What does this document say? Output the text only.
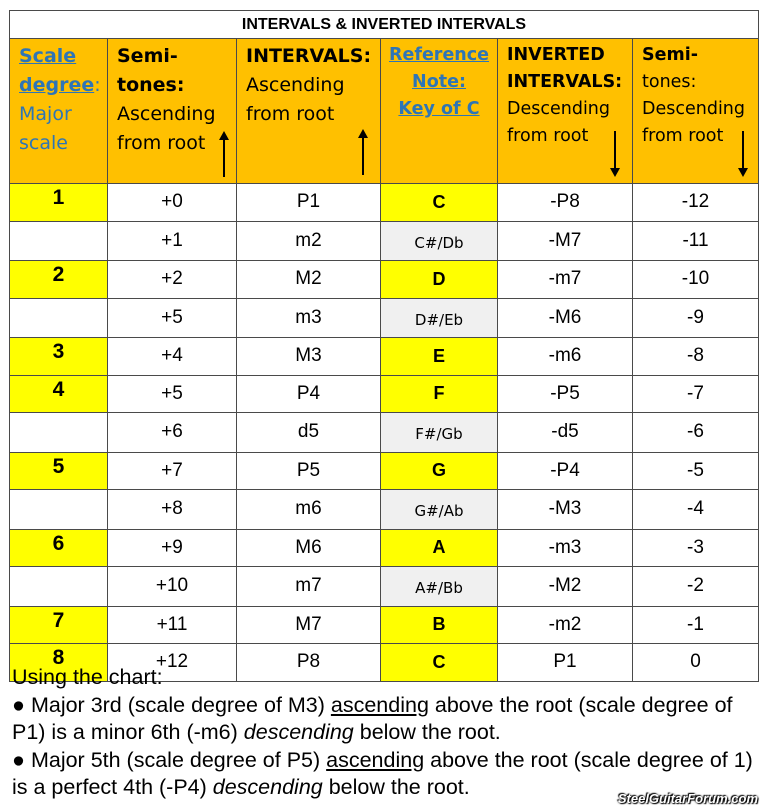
INTERVALS & INVERTED INTERVALS					
Scale
degree:
Major
scale	Semi-
tones:
Ascending
from root	INTERVALS:
Ascending
from root	Reference
Note:
Key of C	INVERTED
INTERVALS:
Descending
from root	Semi-
tones:
Descending
from root

1	+0	P1	C	-P8	-12
	+1	m2	C#/Db	-M7	-11
2	+2	M2	D	-m7	-10
	+5	m3	D#/Eb	-M6	-9
3	+4	M3	E	-m6	-8
4	+5	P4	F	-P5	-7
	+6	d5	F#/Gb	-d5	-6
5	+7	P5	G	-P4	-5
	+8	m6	G#/Ab	-M3	-4
6	+9	M6	A	-m3	-3
	+10	m7	A#/Bb	-M2	-2
7	+11	M7	B	-m2	-1
8	+12	P8	C	P1	0

Using the chart:

● Major 3rd (scale degree of M3) ascending above the root (scale degree of P1) is a minor 6th (-m6) descending below the root.

● Major 5th (scale degree of P5) ascending above the root (scale degree of 1) is a perfect 4th (-P4) descending below the root.	SteelGuitarForum.com
